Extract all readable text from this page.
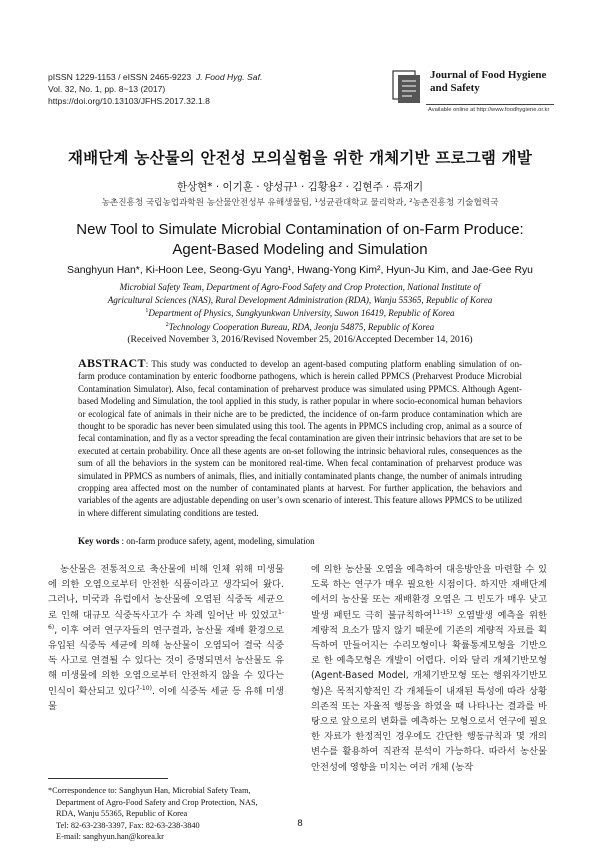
pISSN 1229-1153 / eISSN 2465-9223 J. Food Hyg. Saf.
Vol. 32, No. 1, pp. 8~13 (2017)
https://doi.org/10.13103/JFHS.2017.32.1.8
Journal of Food Hygiene
and Safety
Available online at http://www.foodhygiene.or.kr
재배단계 농산물의 안전성 모의실험을 위한 개체기반 프로그램 개발
한상현* · 이기훈 · 양성규¹ · 김황용² · 김현주 · 류재기
농촌진흥청 국립농업과학원 농산물안전성부 유해생물팀, ¹성균관대학교 물리학과, ²농촌진흥청 기술협력국
New Tool to Simulate Microbial Contamination of on-Farm Produce:
Agent-Based Modeling and Simulation
Sanghyun Han*, Ki-Hoon Lee, Seong-Gyu Yang¹, Hwang-Yong Kim², Hyun-Ju Kim, and Jae-Gee Ryu
Microbial Safety Team, Department of Agro-Food Safety and Crop Protection, National Institute of
Agricultural Sciences (NAS), Rural Development Administration (RDA), Wanju 55365, Republic of Korea
$^1$Department of Physics, Sungkyunkwan University, Suwon 16419, Republic of Korea
$^2$Technology Cooperation Bureau, RDA, Jeonju 54875, Republic of Korea
(Received November 3, 2016/Revised November 25, 2016/Accepted December 14, 2016)
ABSTRACT: This study was conducted to develop an agent-based computing platform enabling simulation of on-farm produce contamination by enteric foodborne pathogens, which is herein called PPMCS (Preharvest Produce Microbial Contamination Simulator). Also, fecal contamination of preharvest produce was simulated using PPMCS. Although Agent-based Modeling and Simulation, the tool applied in this study, is rather popular in where socio-economical human behaviors or ecological fate of animals in their niche are to be predicted, the incidence of on-farm produce contamination which are thought to be sporadic has never been simulated using this tool. The agents in PPMCS including crop, animal as a source of fecal contamination, and fly as a vector spreading the fecal contamination are given their intrinsic behaviors that are set to be executed at certain probability. Once all these agents are on-set following the intrinsic behavioral rules, consequences as the sum of all the behaviors in the system can be monitored real-time. When fecal contamination of preharvest produce was simulated in PPMCS as numbers of animals, flies, and initially contaminated plants change, the number of animals intruding cropping area affected most on the number of contaminated plants at harvest. For further application, the behaviors and variables of the agents are adjustable depending on user’s own scenario of interest. This feature allows PPMCS to be utilized in where different simulating conditions are tested.
Key words : on-farm produce safety, agent, modeling, simulation
농산물은 전통적으로 축산물에 비해 인체 위해 미생물에 의한 오염으로부터 안전한 식품이라고 생각되어 왔다. 그러나, 미국과 유럽에서 농산물에 오염된 식중독 세균으로 인해 대규모 식중독사고가 수 차례 일어난 바 있었고$^{1-6)}$, 이후 여러 연구자들의 연구결과, 농산물 재배 환경으로 유입된 식중독 세균에 의해 농산물이 오염되어 결국 식중독 사고로 연결될 수 있다는 것이 증명되면서 농산물도 유해 미생물에 의한 오염으로부터 안전하지 않을 수 있다는 인식이 확산되고 있다$^{7-10)}$. 이에 식중독 세균 등 유해 미생물
에 의한 농산물 오염을 예측하여 대응방안을 마련할 수 있도록 하는 연구가 매우 필요한 시점이다. 하지만 재배단계에서의 농산물 또는 재배환경 오염은 그 빈도가 매우 낮고 발생 패턴도 극히 불규칙하여$^{11-15)}$ 오염발생 예측을 위한 계량적 요소가 많지 않기 때문에 기존의 계량적 자료를 획득하여 만들어지는 수리모형이나 확률통계모형을 기반으로 한 예측모형은 개발이 어렵다. 이와 달리 개체기반모형(Agent-Based Model, 개체기반모형 또는 행위자기반모형)은 목적지향적인 각 개체들이 내재된 특성에 따라 상황 의존적 또는 자율적 행동을 하였을 때 나타나는 결과를 바탕으로 앞으로의 변화를 예측하는 모형으로서 연구에 필요한 자료가 한정적인 경우에도 간단한 행동규칙과 몇 개의 변수를 활용하여 직관적 분석이 가능하다. 따라서 농산물 안전성에 영향을 미치는 여러 개체 (농작
*Correspondence to: Sanghyun Han, Microbial Safety Team,
Department of Agro-Food Safety and Crop Protection, NAS,
RDA, Wanju 55365, Republic of Korea
Tel: 82-63-238-3397, Fax: 82-63-238-3840
E-mail: sanghyun.han@korea.kr
8
